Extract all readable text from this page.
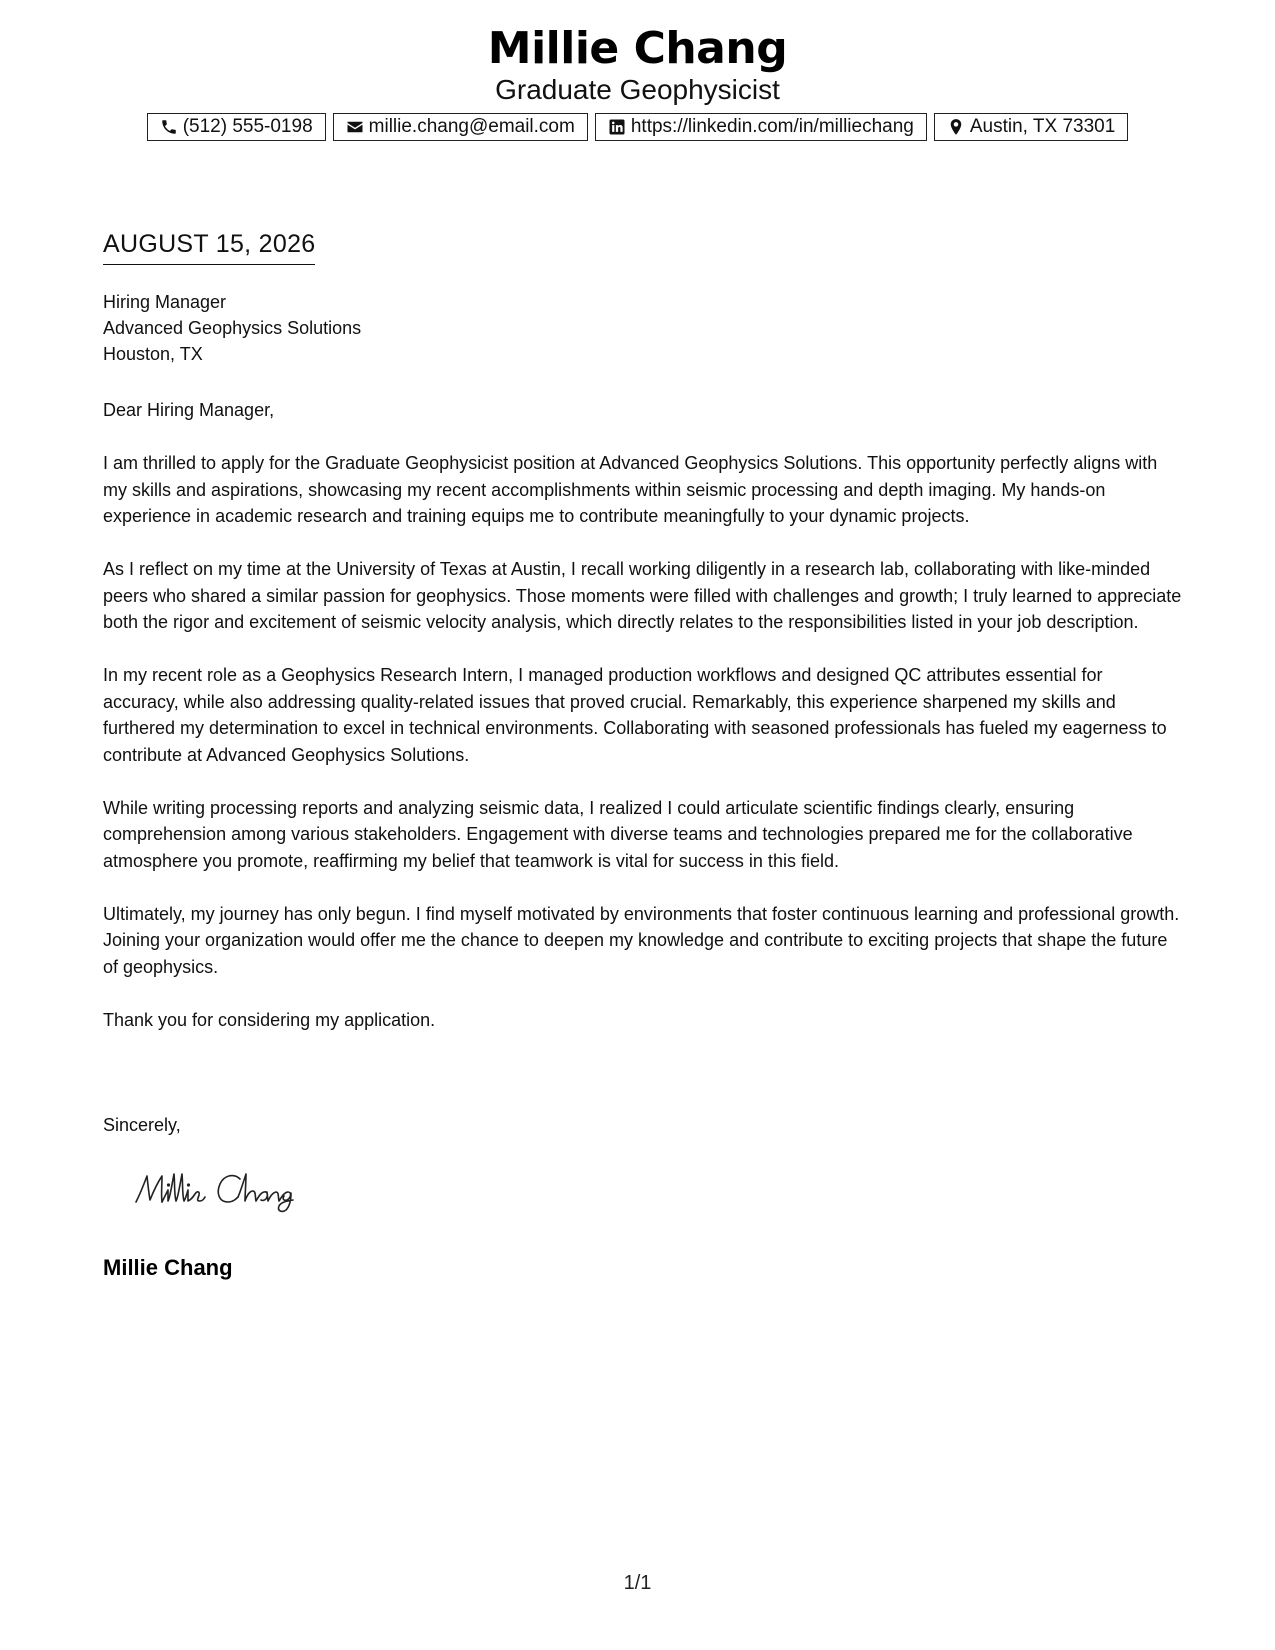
Millie Chang
Graduate Geophysicist
(512) 555-0198	millie.chang@email.com	https://linkedin.com/in/milliechang	Austin, TX 73301
AUGUST 15, 2026
Hiring Manager
Advanced Geophysics Solutions
Houston, TX

Dear Hiring Manager,

I am thrilled to apply for the Graduate Geophysicist position at Advanced Geophysics Solutions. This opportunity perfectly aligns with my skills and aspirations, showcasing my recent accomplishments within seismic processing and depth imaging. My hands-on experience in academic research and training equips me to contribute meaningfully to your dynamic projects.

As I reflect on my time at the University of Texas at Austin, I recall working diligently in a research lab, collaborating with like-minded peers who shared a similar passion for geophysics. Those moments were filled with challenges and growth; I truly learned to appreciate both the rigor and excitement of seismic velocity analysis, which directly relates to the responsibilities listed in your job description.

In my recent role as a Geophysics Research Intern, I managed production workflows and designed QC attributes essential for accuracy, while also addressing quality-related issues that proved crucial. Remarkably, this experience sharpened my skills and furthered my determination to excel in technical environments. Collaborating with seasoned professionals has fueled my eagerness to contribute at Advanced Geophysics Solutions.

While writing processing reports and analyzing seismic data, I realized I could articulate scientific findings clearly, ensuring comprehension among various stakeholders. Engagement with diverse teams and technologies prepared me for the collaborative atmosphere you promote, reaffirming my belief that teamwork is vital for success in this field.

Ultimately, my journey has only begun. I find myself motivated by environments that foster continuous learning and professional growth. Joining your organization would offer me the chance to deepen my knowledge and contribute to exciting projects that shape the future of geophysics.

Thank you for considering my application.

Sincerely,
Millie Chang
1/1
